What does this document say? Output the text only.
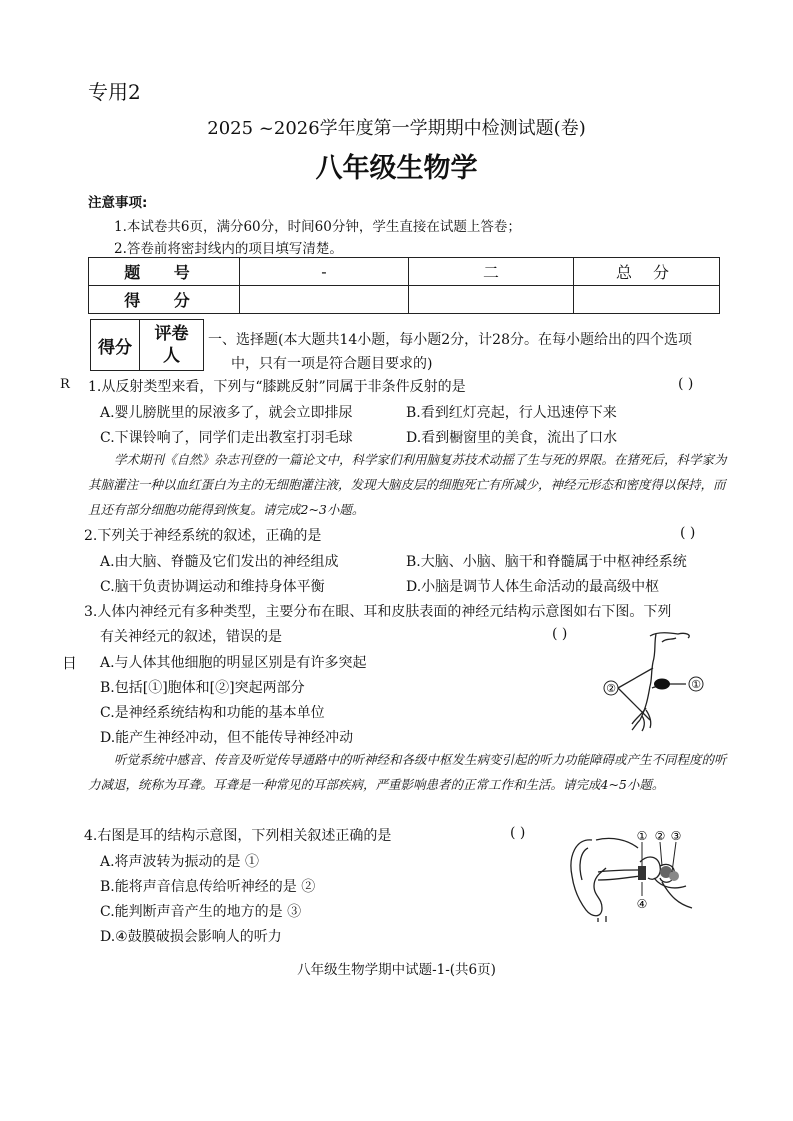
专用2
2025 ~2026学年度第一学期期中检测试题(卷)
八年级生物学
注意事项:
1.本试卷共6页，满分60分，时间60分钟，学生直接在试题上答卷；
2.答卷前将密封线内的项目填写清楚。
题 号	-	二	总 分
得 分			
得分
评卷
人
一、选择题(本大题共14小题，每小题2分，计28分。在每小题给出的四个选项
中，只有一项是符合题目要求的)
R
日
1.从反射类型来看，下列与“膝跳反射”同属于非条件反射的是	( )
A.婴儿膀胱里的尿液多了，就会立即排尿	B.看到红灯亮起，行人迅速停下来
C.下课铃响了，同学们走出教室打羽毛球	D.看到橱窗里的美食，流出了口水
学术期刊《自然》杂志刊登的一篇论文中，科学家们利用脑复苏技术动摇了生与死的界限。在猪死后，科学家为其脑灌注一种以血红蛋白为主的无细胞灌注液，发现大脑皮层的细胞死亡有所减少，神经元形态和密度得以保持，而且还有部分细胞功能得到恢复。请完成2~3小题。
2.下列关于神经系统的叙述，正确的是	( )
A.由大脑、脊髓及它们发出的神经组成	B.大脑、小脑、脑干和脊髓属于中枢神经系统
C.脑干负责协调运动和维持身体平衡	D.小脑是调节人体生命活动的最高级中枢
3.人体内神经元有多种类型，主要分布在眼、耳和皮肤表面的神经元结构示意图如右下图。下列
有关神经元的叙述，错误的是	( )
A.与人体其他细胞的明显区别是有许多突起
B.包括[①]胞体和[②]突起两部分
C.是神经系统结构和功能的基本单位
D.能产生神经冲动，但不能传导神经冲动
①
②
听觉系统中感音、传音及听觉传导通路中的听神经和各级中枢发生病变引起的听力功能障碍或产生不同程度的听力减退，统称为耳聋。耳聋是一种常见的耳部疾病，严重影响患者的正常工作和生活。请完成4~5小题。
4.右图是耳的结构示意图，下列相关叙述正确的是	( )
A.将声波转为振动的是 ①
B.能将声音信息传给听神经的是 ②
C.能判断声音产生的地方的是 ③
D.④鼓膜破损会影响人的听力
① ② ③
④
八年级生物学期中试题-1-(共6页)
